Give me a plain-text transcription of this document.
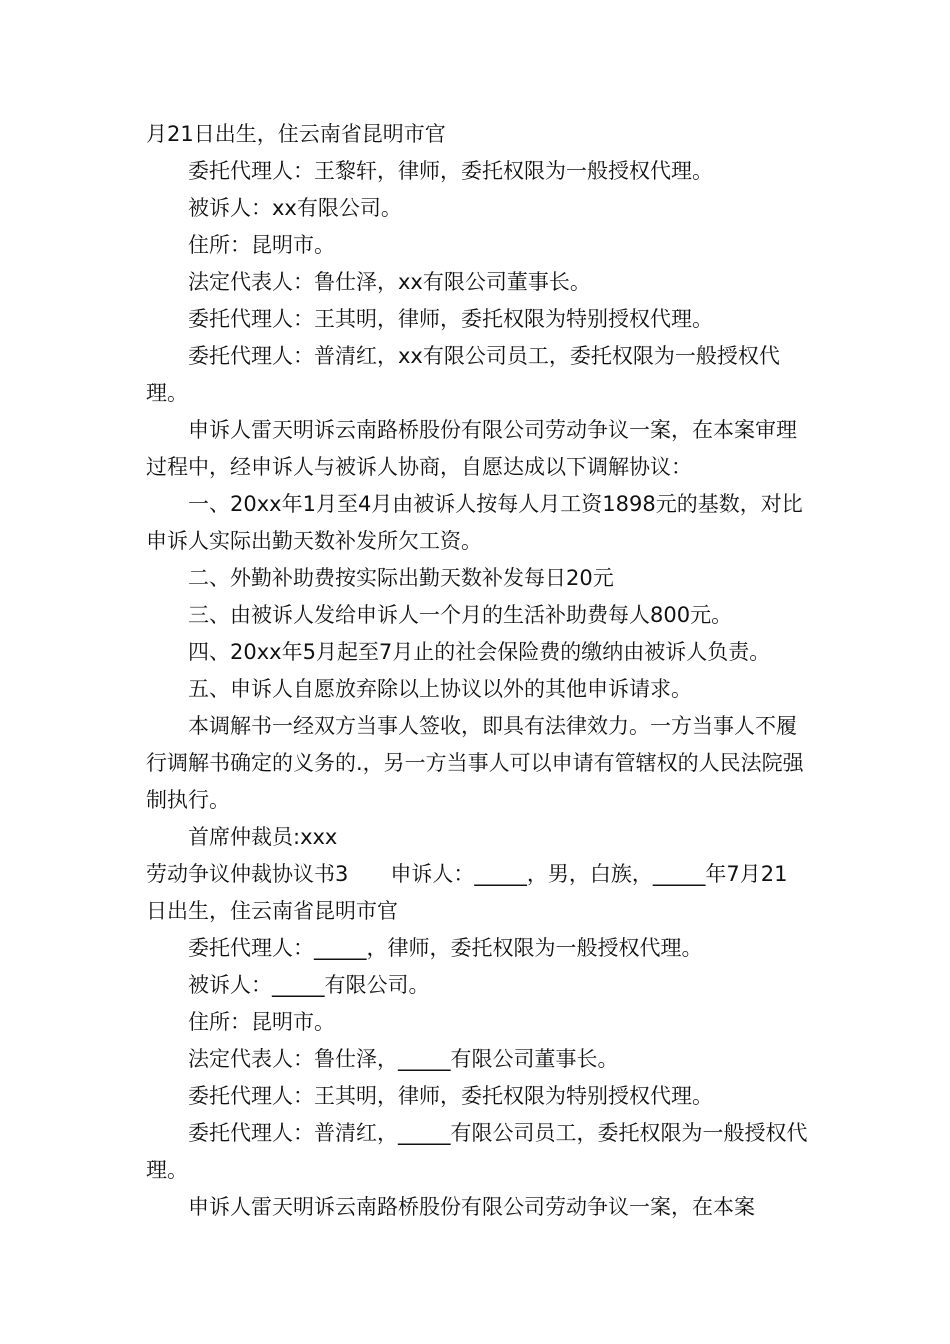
月21日出生，住云南省昆明市官

委托代理人：王黎轩，律师，委托权限为一般授权代理。

被诉人：xx有限公司。

住所：昆明市。

法定代表人：鲁仕泽，xx有限公司董事长。

委托代理人：王其明，律师，委托权限为特别授权代理。

委托代理人：普清红，xx有限公司员工，委托权限为一般授权代理。

申诉人雷天明诉云南路桥股份有限公司劳动争议一案，在本案审理过程中，经申诉人与被诉人协商，自愿达成以下调解协议：

一、20xx年1月至4月由被诉人按每人月工资1898元的基数，对比申诉人实际出勤天数补发所欠工资。

二、外勤补助费按实际出勤天数补发每日20元

三、由被诉人发给申诉人一个月的生活补助费每人800元。

四、20xx年5月起至7月止的社会保险费的缴纳由被诉人负责。

五、申诉人自愿放弃除以上协议以外的其他申诉请求。

本调解书一经双方当事人签收，即具有法律效力。一方当事人不履行调解书确定的义务的.，另一方当事人可以申请有管辖权的人民法院强制执行。

首席仲裁员:xxx

劳动争议仲裁协议书3　　申诉人：_____，男，白族，_____年7月21日出生，住云南省昆明市官

委托代理人：_____，律师，委托权限为一般授权代理。

被诉人：_____有限公司。

住所：昆明市。

法定代表人：鲁仕泽，_____有限公司董事长。

委托代理人：王其明，律师，委托权限为特别授权代理。

委托代理人：普清红，_____有限公司员工，委托权限为一般授权代理。

申诉人雷天明诉云南路桥股份有限公司劳动争议一案，在本案
